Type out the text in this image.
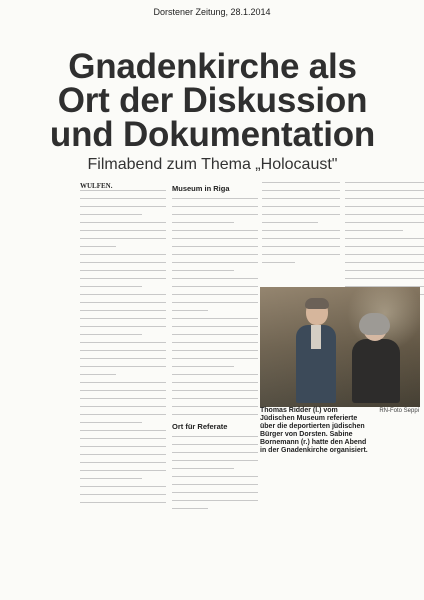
Dorstener Zeitung, 28.1.2014
Gnadenkirche als
Ort der Diskussion
und Dokumentation
Filmabend zum Thema „Holocaust"
WULFEN.	Museum in Riga
Ort für Referate
Thomas Ridder (l.) vom Jüdischen Museum referierte über die deportierten jüdischen Bürger von Dorsten. Sabine Bornemann (r.) hatte den Abend in der Gnadenkirche organisiert.
RN-Foto Seppi
